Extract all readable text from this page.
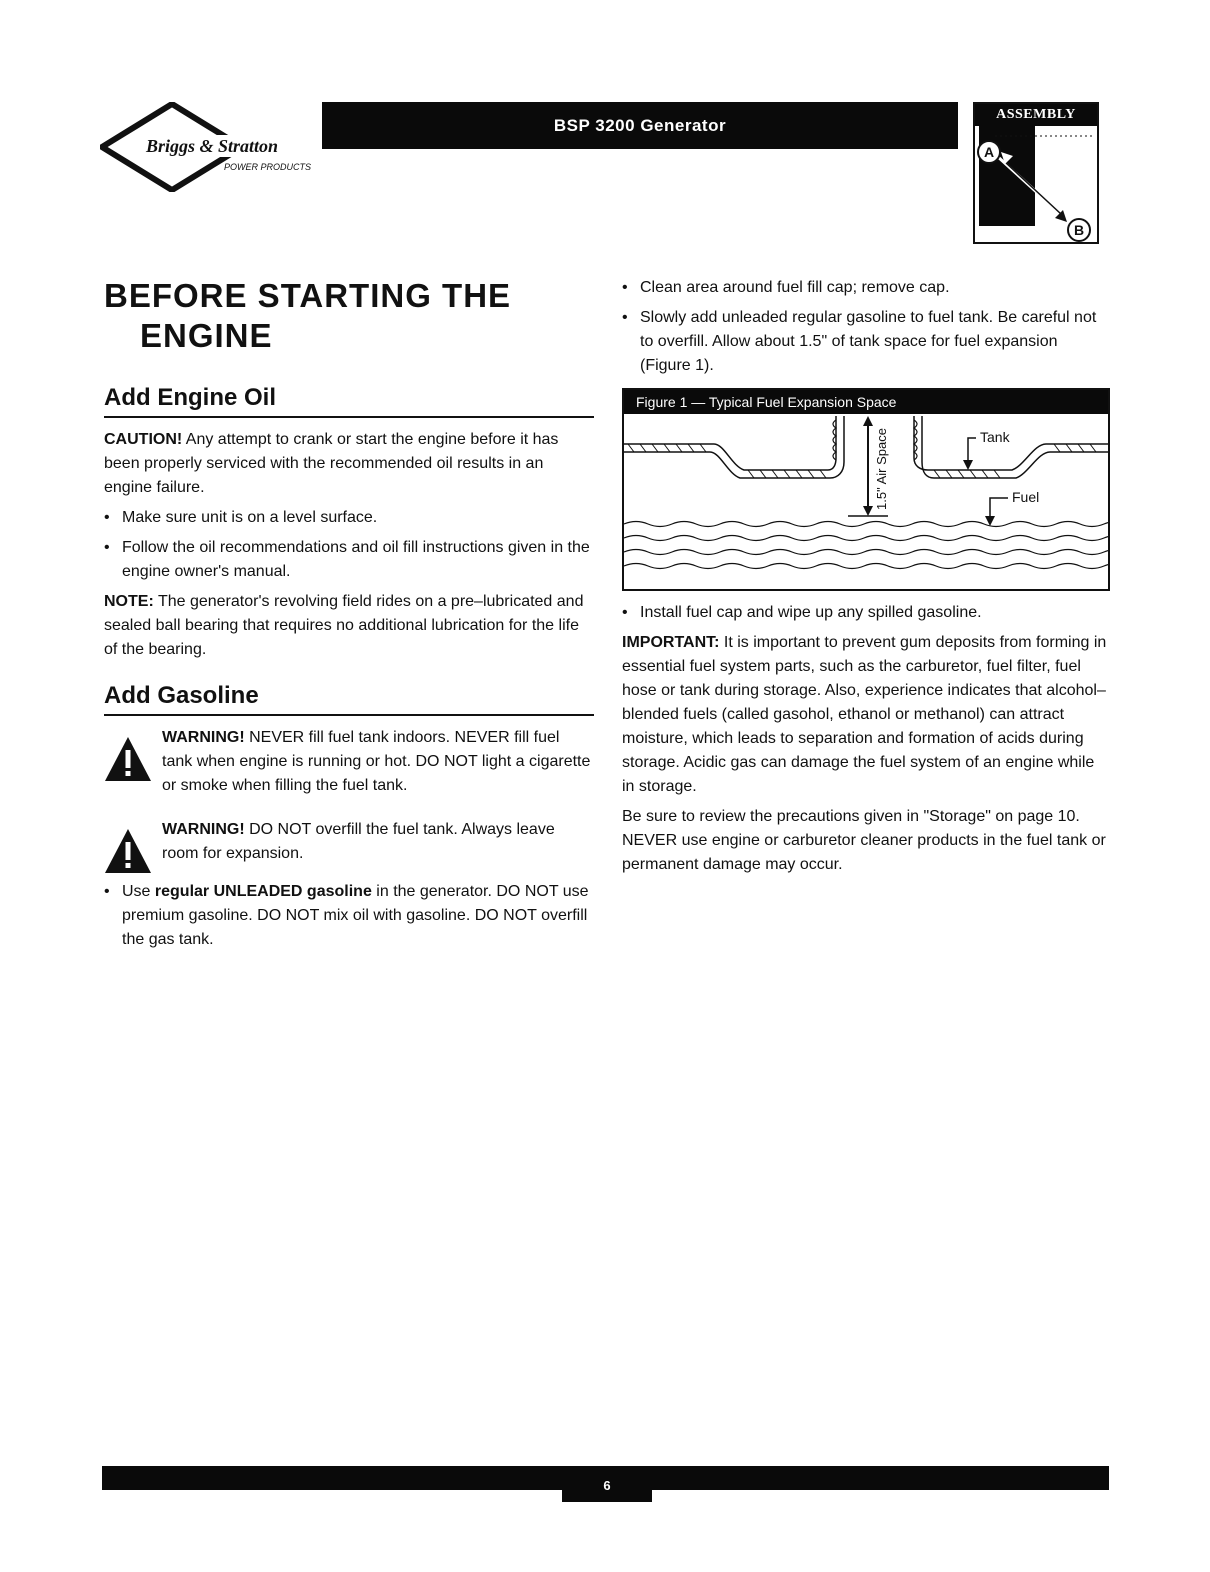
Briggs & Stratton
POWER PRODUCTS
BSP 3200 Generator
ASSEMBLY
A
B
BEFORE STARTING THE
ENGINE
Add Engine Oil

CAUTION! Any attempt to crank or start the engine before it has been properly serviced with the recommended oil results in an engine failure.

• Make sure unit is on a level surface.
• Follow the oil recommendations and oil fill instructions given in the engine owner's manual.

NOTE: The generator's revolving field rides on a pre–lubricated and sealed ball bearing that requires no additional lubrication for the life of the bearing.

Add Gasoline

WARNING! NEVER fill fuel tank indoors. NEVER fill fuel tank when engine is running or hot. DO NOT light a cigarette or smoke when filling the fuel tank.

WARNING! DO NOT overfill the fuel tank. Always leave room for expansion.

• Use regular UNLEADED gasoline in the generator. DO NOT use premium gasoline. DO NOT mix oil with gasoline. DO NOT overfill the gas tank.
• Clean area around fuel fill cap; remove cap.
• Slowly add unleaded regular gasoline to fuel tank. Be careful not to overfill. Allow about 1.5" of tank space for fuel expansion (Figure 1).
Figure 1 — Typical Fuel Expansion Space
1.5" Air Space	Tank
Fuel
• Install fuel cap and wipe up any spilled gasoline.

IMPORTANT: It is important to prevent gum deposits from forming in essential fuel system parts, such as the carburetor, fuel filter, fuel hose or tank during storage. Also, experience indicates that alcohol–blended fuels (called gasohol, ethanol or methanol) can attract moisture, which leads to separation and formation of acids during storage. Acidic gas can damage the fuel system of an engine while in storage.

Be sure to review the precautions given in "Storage" on page 10. NEVER use engine or carburetor cleaner products in the fuel tank or permanent damage may occur.

6
